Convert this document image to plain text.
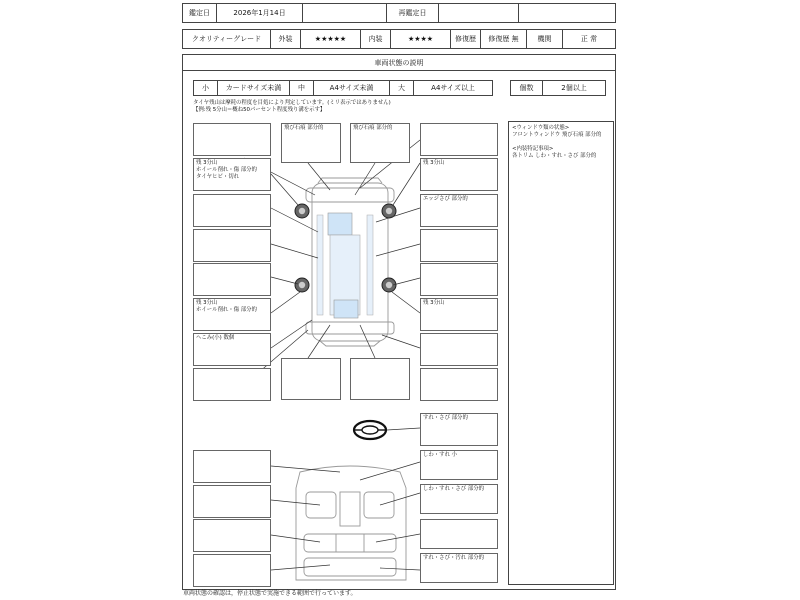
鑑定日	2026年1月14日	再鑑定日
クオリティーグレード	外装	★★★★★	内装	★★★★	修復歴	修復歴 無	機関	正 常
車両状態の説明
小	カードサイズ未満	中	A4サイズ未満	大	A4サイズ以上	個数	2個以上
タイヤ残山は摩耗の程度を目処により判定しています。(ミリ表示ではありません)
【例:残 5分山＝概ね50パーセント程度残り溝を示す】
<ウィンドウ類の状態>
フロントウィンドウ 飛び石痕 部分的
<内装特記事項>
各トリム しわ・すれ・さび 部分的
残 3分山
ホイール削れ・傷 部分的
タイヤヒビ・切れ
残 3分山
ホイール削れ・傷 部分的
へこみ(小) 数個
飛び石痕 部分的	飛び石痕 部分的
残 3分山
エッジさび 部分的
残 3分山
すれ・さび 部分的
しわ・すれ 小
しわ・すれ・さび 部分的
すれ・さび・汚れ 部分的
車両状態の確認は，停止状態で実施できる範囲で行っています。
